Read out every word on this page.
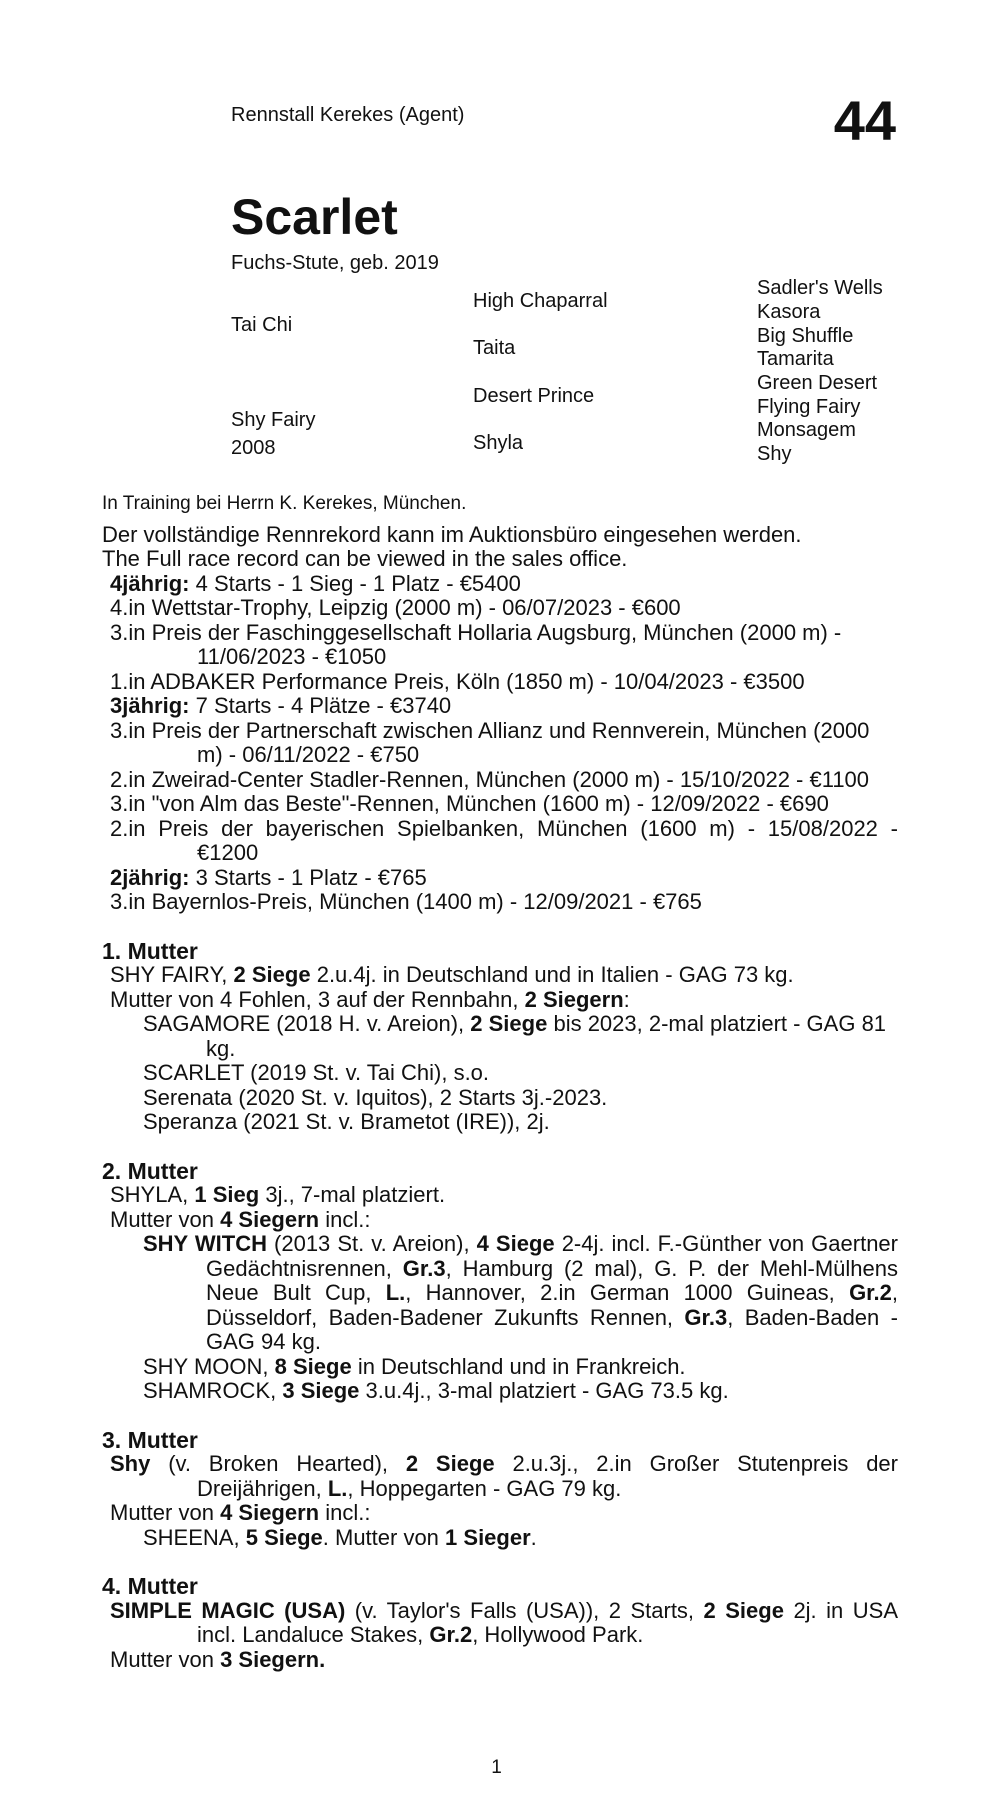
Rennstall Kerekes (Agent)	44
Scarlet
Fuchs-Stute, geb. 2019
Tai Chi
Shy Fairy
2008
High Chaparral
Taita
Desert Prince
Shyla
Sadler's Wells
Kasora
Big Shuffle
Tamarita
Green Desert
Flying Fairy
Monsagem
Shy

In Training bei Herrn K. Kerekes, München.

Der vollständige Rennrekord kann im Auktionsbüro eingesehen werden.

The Full race record can be viewed in the sales office.

4jährig: 4 Starts - 1 Sieg - 1 Platz - €5400

4.in Wettstar-Trophy, Leipzig (2000 m) - 06/07/2023 - €600

3.in Preis der Faschinggesellschaft Hollaria Augsburg, München (2000 m) - 11/06/2023 - €1050

1.in ADBAKER Performance Preis, Köln (1850 m) - 10/04/2023 - €3500

3jährig: 7 Starts - 4 Plätze - €3740

3.in Preis der Partnerschaft zwischen Allianz und Rennverein, München (2000 m) - 06/11/2022 - €750

2.in Zweirad-Center Stadler-Rennen, München (2000 m) - 15/10/2022 - €1100

3.in "von Alm das Beste"-Rennen, München (1600 m) - 12/09/2022 - €690

2.in Preis der bayerischen Spielbanken, München (1600 m) - 15/08/2022 - €1200

2jährig: 3 Starts - 1 Platz - €765

3.in Bayernlos-Preis, München (1400 m) - 12/09/2021 - €765

1. Mutter

SHY FAIRY, 2 Siege 2.u.4j. in Deutschland und in Italien - GAG 73 kg.

Mutter von 4 Fohlen, 3 auf der Rennbahn, 2 Siegern:

SAGAMORE (2018 H. v. Areion), 2 Siege bis 2023, 2-mal platziert - GAG 81 kg.

SCARLET (2019 St. v. Tai Chi), s.o.

Serenata (2020 St. v. Iquitos), 2 Starts 3j.-2023.

Speranza (2021 St. v. Brametot (IRE)), 2j.

2. Mutter

SHYLA, 1 Sieg 3j., 7-mal platziert.

Mutter von 4 Siegern incl.:

SHY WITCH (2013 St. v. Areion), 4 Siege 2-4j. incl. F.-Günther von Gaertner Gedächtnisrennen, Gr.3, Hamburg (2 mal), G. P. der Mehl-Mülhens Neue Bult Cup, L., Hannover, 2.in German 1000 Guineas, Gr.2, Düsseldorf, Baden-Badener Zukunfts Rennen, Gr.3, Baden-Baden - GAG 94 kg.

SHY MOON, 8 Siege in Deutschland und in Frankreich.

SHAMROCK, 3 Siege 3.u.4j., 3-mal platziert - GAG 73.5 kg.

3. Mutter

Shy (v. Broken Hearted), 2 Siege 2.u.3j., 2.in Großer Stutenpreis der Dreijährigen, L., Hoppegarten - GAG 79 kg.

Mutter von 4 Siegern incl.:

SHEENA, 5 Siege. Mutter von 1 Sieger.

4. Mutter

SIMPLE MAGIC (USA) (v. Taylor's Falls (USA)), 2 Starts, 2 Siege 2j. in USA incl. Landaluce Stakes, Gr.2, Hollywood Park.

Mutter von 3 Siegern.

1
